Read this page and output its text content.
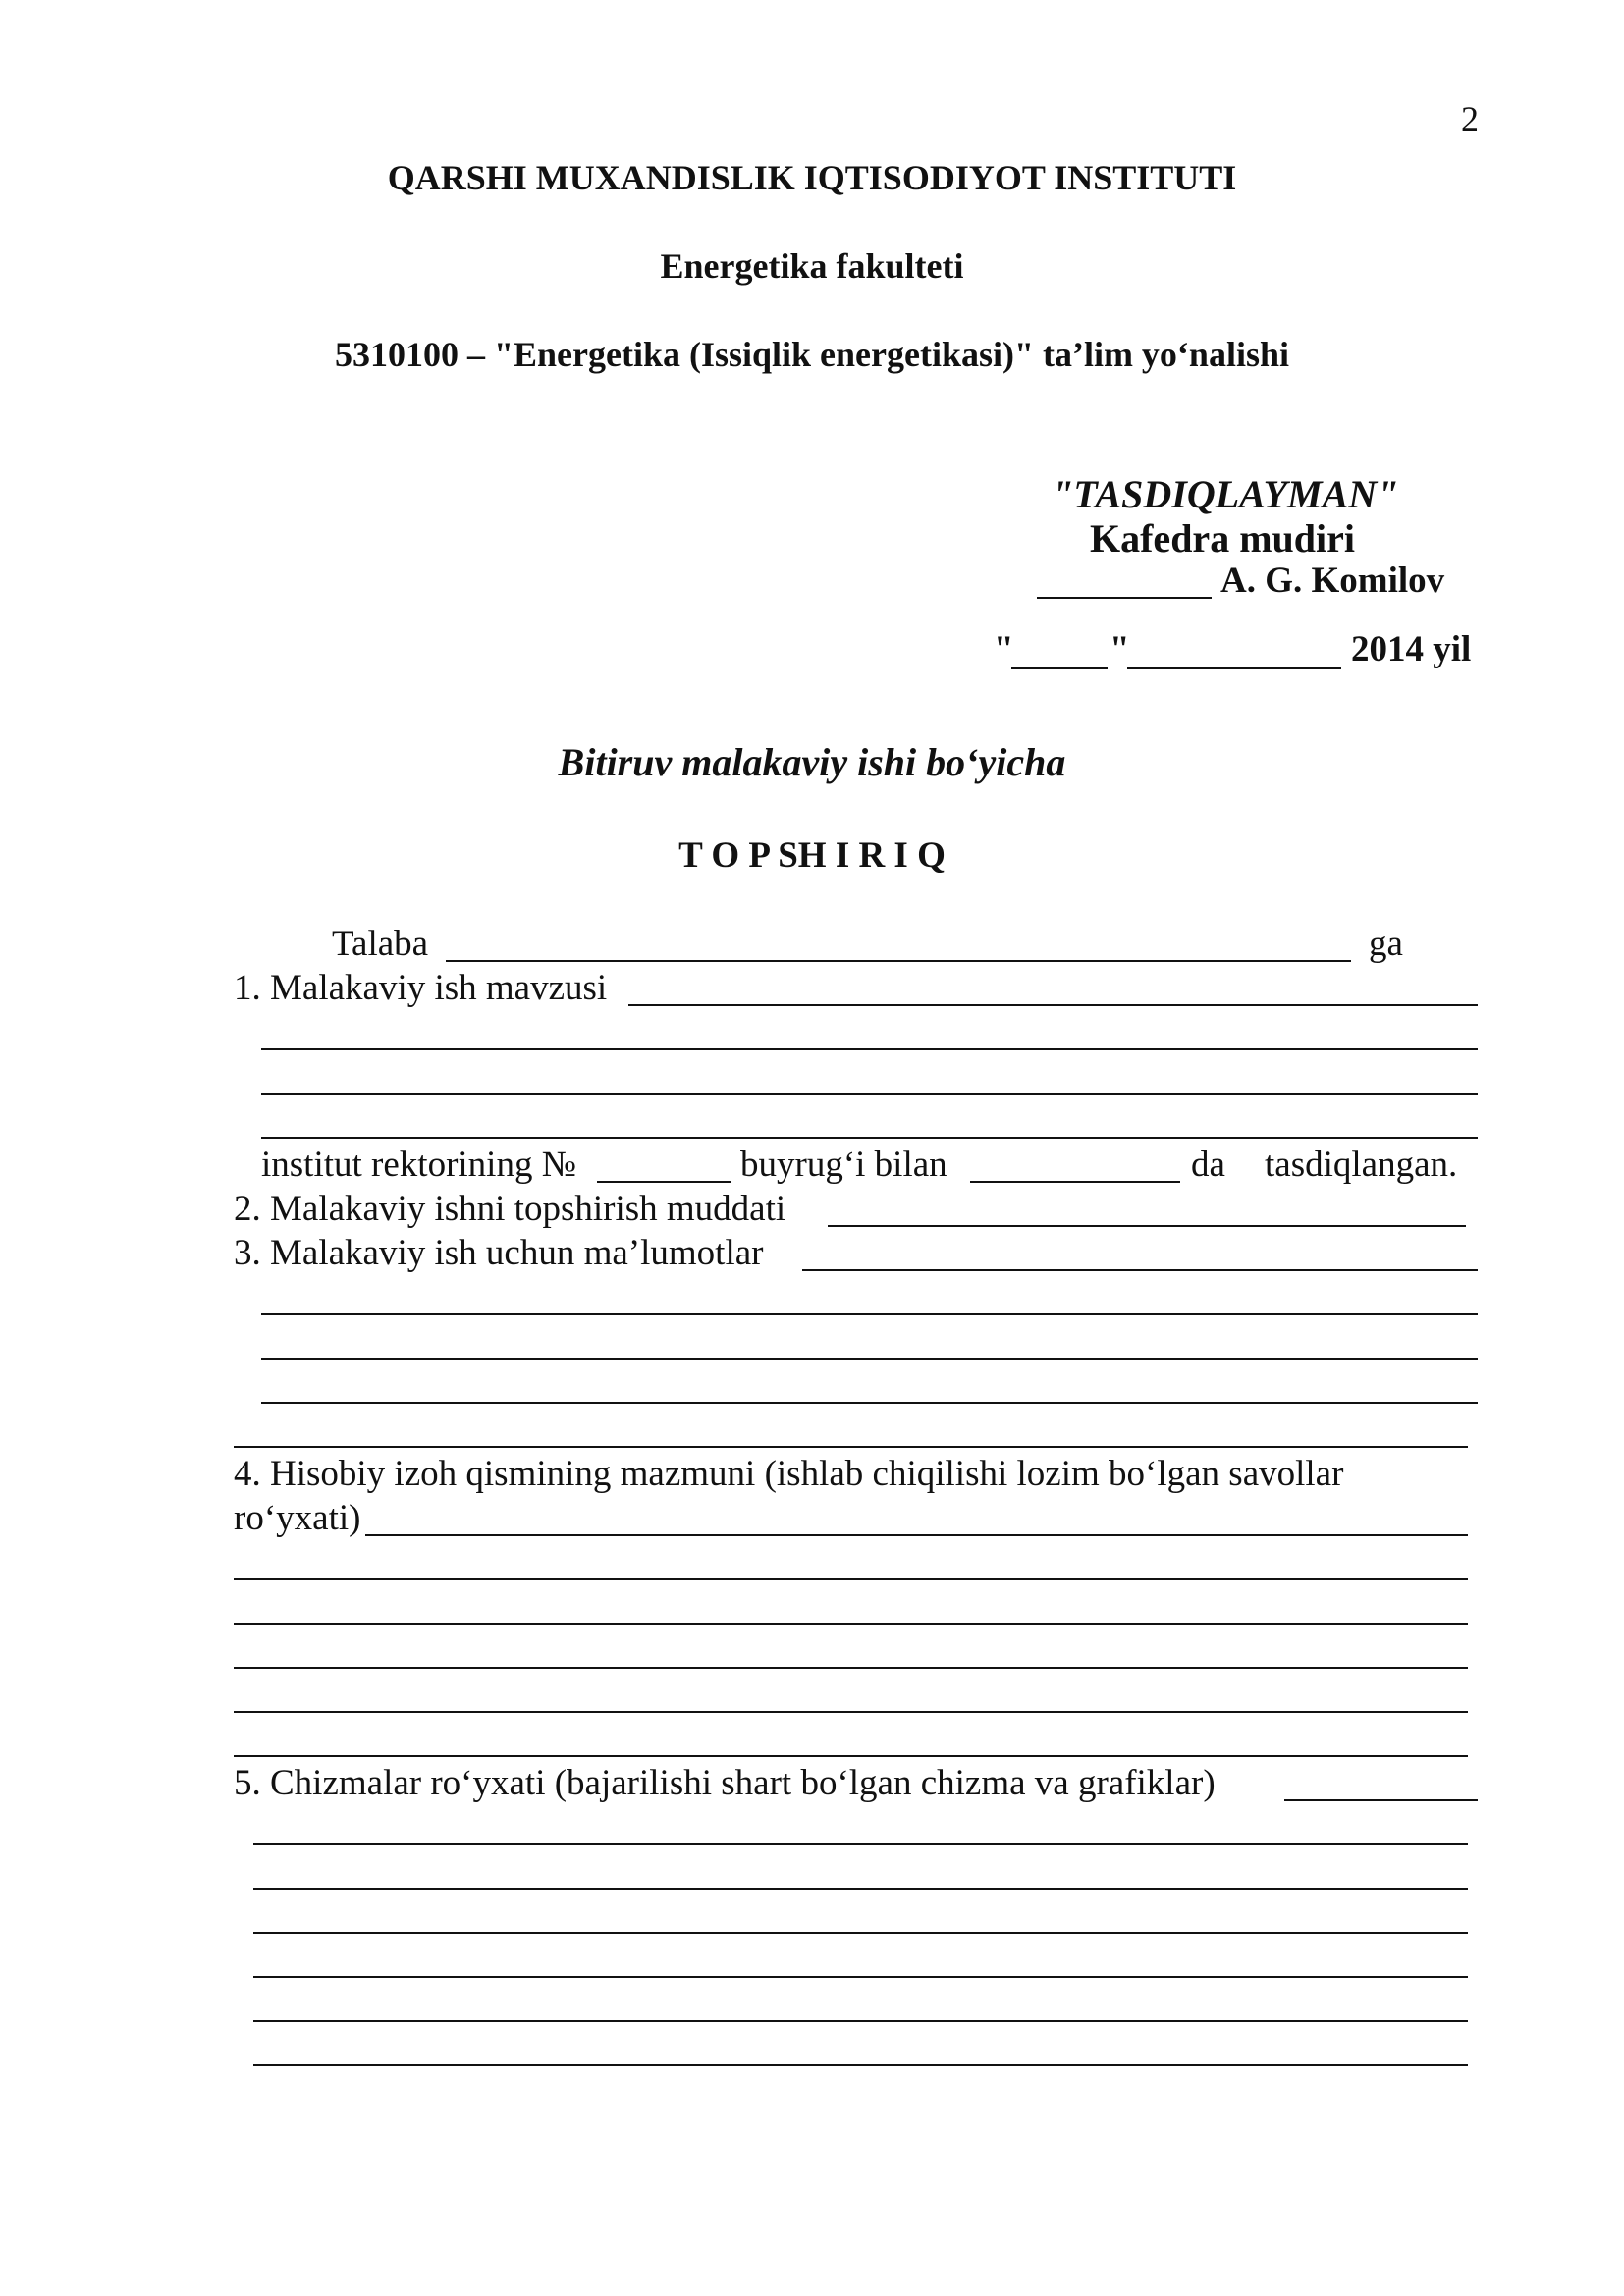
2
QARSHI MUXANDISLIK IQTISODIYOT INSTITUTI
Energetika fakulteti
5310100 – "Energetika (Issiqlik energetikasi)" ta’lim yo‘nalishi
"TASDIQLAYMAN"
Kafedra mudiri
A. G. Komilov
"	"	2014 yil
Bitiruv malakaviy ishi bo‘yicha
T O P SH I R I Q
Talaba	ga
1. Malakaviy ish mavzusi
institut rektorining №	buyrug‘i bilan	da tasdiqlangan.
2. Malakaviy ishni topshirish muddati
3. Malakaviy ish uchun ma’lumotlar
4. Hisobiy izoh qismining mazmuni (ishlab chiqilishi lozim bo‘lgan savollar
ro‘yxati)
5. Chizmalar ro‘yxati (bajarilishi shart bo‘lgan chizma va grafiklar)
